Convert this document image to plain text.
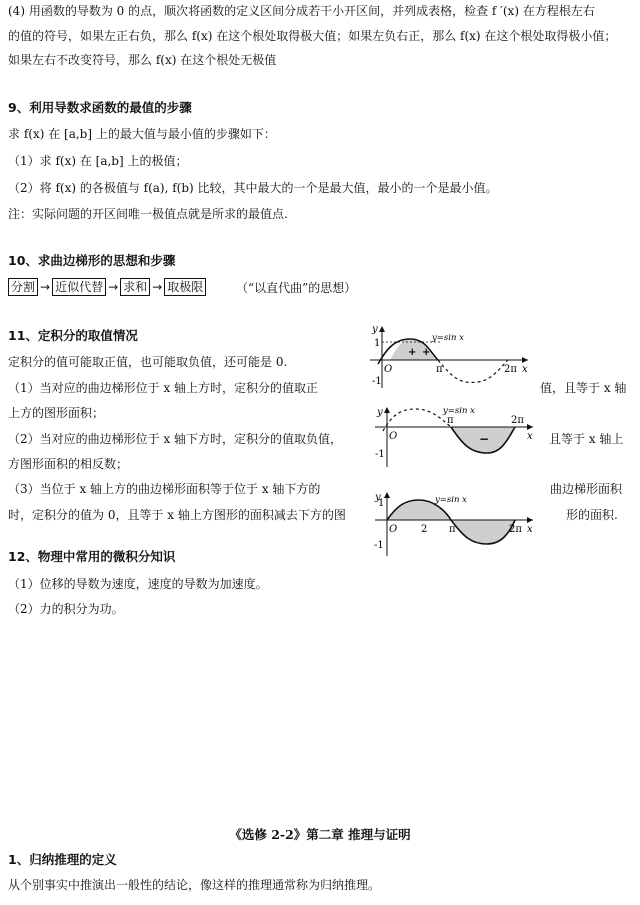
(4) 用函数的导数为 0 的点，顺次将函数的定义区间分成若干小开区间，并列成表格，检查 f ′(x) 在方程根左右
的值的符号，如果左正右负，那么 f(x) 在这个根处取得极大值；如果左负右正，那么 f(x) 在这个根处取得极小值；
如果左右不改变符号，那么 f(x) 在这个根处无极值
9、利用导数求函数的最值的步骤
求 f(x) 在 [a,b] 上的最大值与最小值的步骤如下：
（1）求 f(x) 在 [a,b] 上的极值；
（2）将 f(x) 的各极值与 f(a), f(b) 比较，其中最大的一个是最大值，最小的一个是最小值。
注：实际问题的开区间唯一极值点就是所求的最值点.
10、求曲边梯形的思想和步骤
分割 → 近似代替 → 求和 → 取极限	（“以直代曲”的思想）
11、定积分的取值情况
定积分的值可能取正值，也可能取负值，还可能是 0.
（1）当对应的曲边梯形位于 x 轴上方时，定积分的值取正	值，且等于 x 轴
上方的图形面积；
（2）当对应的曲边梯形位于 x 轴下方时，定积分的值取负值，	且等于 x 轴上
方图形面积的相反数；
（3）当位于 x 轴上方的曲边梯形面积等于位于 x 轴下方的	曲边梯形面积
时，定积分的值为 0，且等于 x 轴上方图形的面积减去下方的图	形的面积.
y
1
-1
O	π	2π x
y=sin x
+ +
y
-1
O
π	2π
x
y=sin x
−
y
1
-1
O 2 π	2π x
y=sin x
12、物理中常用的微积分知识
（1）位移的导数为速度，速度的导数为加速度。
（2）力的积分为功。
《选修 2-2》第二章 推理与证明
1、归纳推理的定义
从个别事实中推演出一般性的结论，像这样的推理通常称为归纳推理。
